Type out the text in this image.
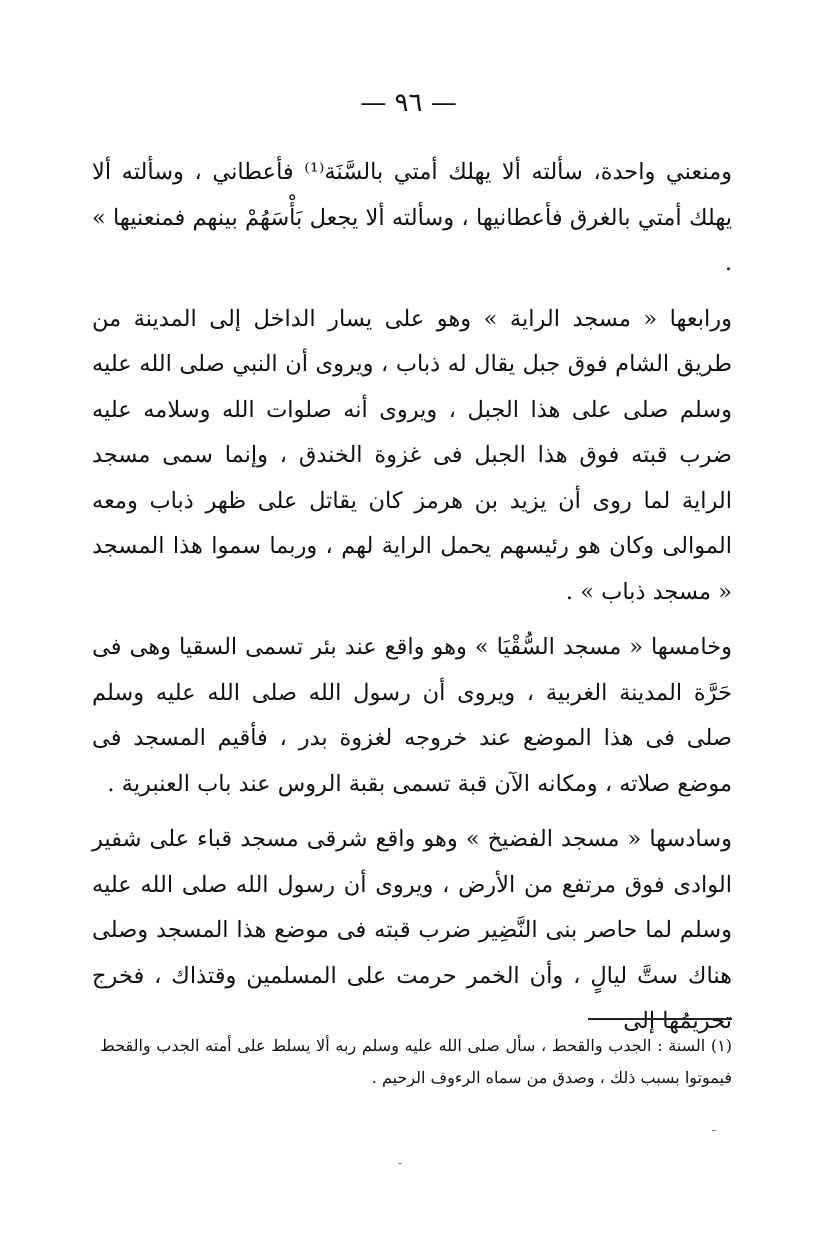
— ٩٦ —

ومنعني واحدة، سألته ألا يهلك أمتي بالسَّنَة⁽¹⁾ فأعطاني ، وسألته ألا يهلك أمتي بالغرق فأعطانيها ، وسألته ألا يجعل بَأْسَهُمْ بينهم فمنعنيها » .

ورابعها « مسجد الراية » وهو على يسار الداخل إلى المدينة من طريق الشام فوق جبل يقال له ذباب ، ويروى أن النبي صلى الله عليه وسلم صلى على هذا الجبل ، ويروى أنه صلوات الله وسلامه عليه ضرب قبته فوق هذا الجبل فى غزوة الخندق ، وإنما سمى مسجد الراية لما روى أن يزيد بن هرمز كان يقاتل على ظهر ذباب ومعه الموالى وكان هو رئيسهم يحمل الراية لهم ، وربما سموا هذا المسجد « مسجد ذباب » .

وخامسها « مسجد السُّقْيَا » وهو واقع عند بئر تسمى السقيا وهى فى حَرَّة المدينة الغربية ، ويروى أن رسول الله صلى الله عليه وسلم صلى فى هذا الموضع عند خروجه لغزوة بدر ، فأقيم المسجد فى موضع صلاته ، ومكانه الآن قبة تسمى بقبة الروس عند باب العنبرية .

وسادسها « مسجد الفضيخ » وهو واقع شرقى مسجد قباء على شفير الوادى فوق مرتفع من الأرض ، ويروى أن رسول الله صلى الله عليه وسلم لما حاصر بنى النَّضِير ضرب قبته فى موضع هذا المسجد وصلى هناك ستَّ ليالٍ ، وأن الخمر حرمت على المسلمين وقتذاك ، فخرج تحريمُها إلى

(١) السنة : الجدب والقحط ، سأل صلى الله عليه وسلم ربه ألا يسلط على أمته الجدب والقحط فيموتوا بسبب ذلك ، وصدق من سماه الرءوف الرحيم .
